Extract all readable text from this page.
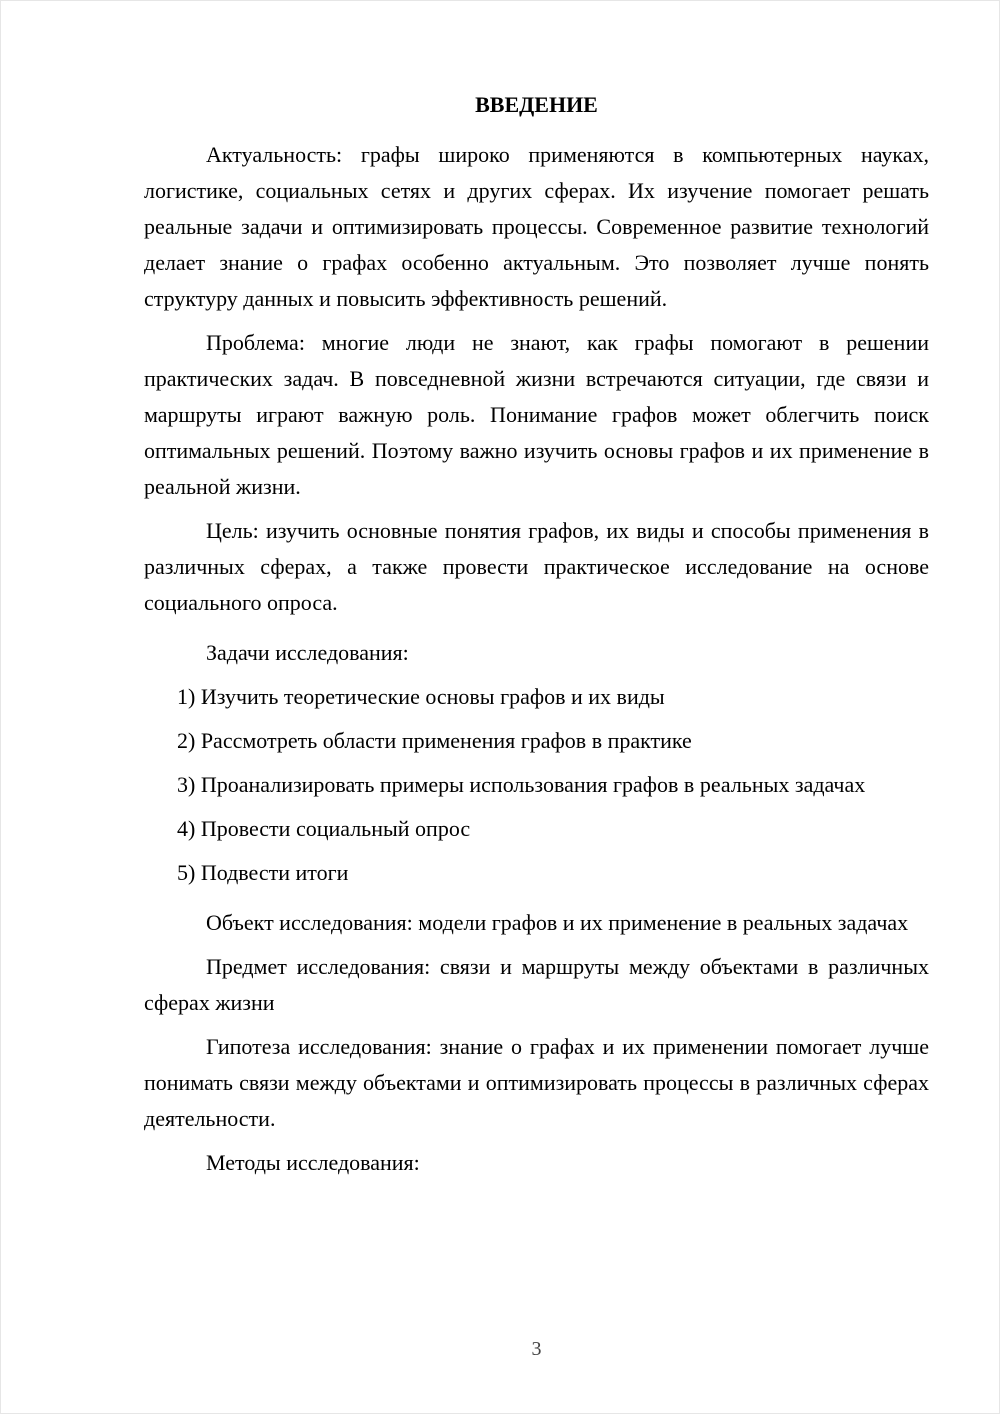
ВВЕДЕНИЕ

Актуальность: графы широко применяются в компьютерных науках, логистике, социальных сетях и других сферах. Их изучение помогает решать реальные задачи и оптимизировать процессы. Современное развитие технологий делает знание о графах особенно актуальным. Это позволяет лучше понять структуру данных и повысить эффективность решений.

Проблема: многие люди не знают, как графы помогают в решении практических задач. В повседневной жизни встречаются ситуации, где связи и маршруты играют важную роль. Понимание графов может облегчить поиск оптимальных решений. Поэтому важно изучить основы графов и их применение в реальной жизни.

Цель: изучить основные понятия графов, их виды и способы применения в различных сферах, а также провести практическое исследование на основе социального опроса.

Задачи исследования:

1) Изучить теоретические основы графов и их виды

2) Рассмотреть области применения графов в практике

3) Проанализировать примеры использования графов в реальных задачах

4) Провести социальный опрос

5) Подвести итоги

Объект исследования: модели графов и их применение в реальных задачах

Предмет исследования: связи и маршруты между объектами в различных сферах жизни

Гипотеза исследования: знание о графах и их применении помогает лучше понимать связи между объектами и оптимизировать процессы в различных сферах деятельности.

Методы исследования:

3
